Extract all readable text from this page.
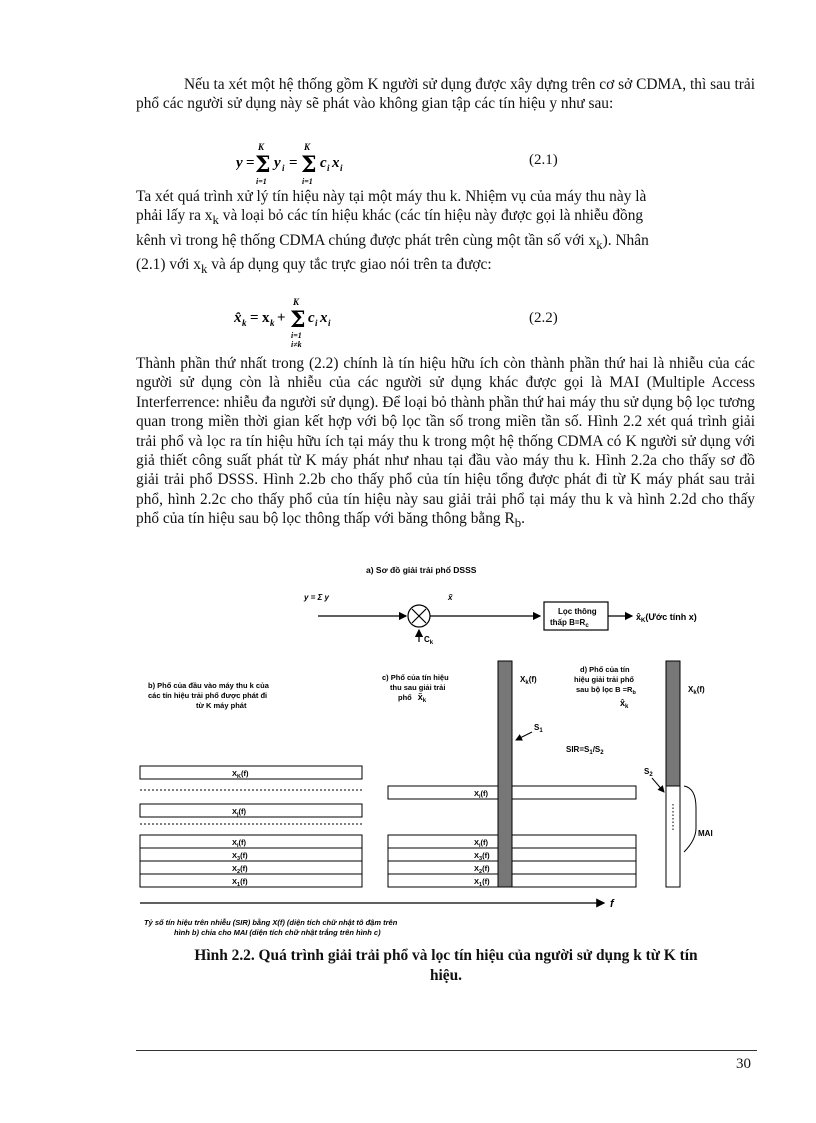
Nếu ta xét một hệ thống gồm K người sử dụng được xây dựng trên cơ sở CDMA, thì sau trải phổ các người sử dụng này sẽ phát vào không gian tập các tín hiệu y như sau:

y =
K
Σ
i=1
y i =
K
Σ
i=1
c i x i	(2.1)

Ta xét quá trình xử lý tín hiệu này tại một máy thu k. Nhiệm vụ của máy thu này là

phải lấy ra $x_k$ và loại bỏ các tín hiệu khác (các tín hiệu này được gọi là nhiễu đồng

kênh vì trong hệ thống CDMA chúng được phát trên cùng một tần số với $x_k$). Nhân

(2.1) với $x_k$ và áp dụng quy tắc trực giao nói trên ta được:

x̂ k = x k +
K
Σ
i=1
i≠k
c i x i	(2.2)

Thành phần thứ nhất trong (2.2) chính là tín hiệu hữu ích còn thành phần thứ hai là nhiễu của các người sử dụng còn là nhiễu của các người sử dụng khác được gọi là MAI (Multiple Access Interferrence: nhiễu đa người sử dụng). Để loại bỏ thành phần thứ hai máy thu sử dụng bộ lọc tương quan trong miền thời gian kết hợp với bộ lọc tần số trong miền tần số. Hình 2.2 xét quá trình giải trải phổ và lọc ra tín hiệu hữu ích tại máy thu k trong một hệ thống CDMA có K người sử dụng với giả thiết công suất phát từ K máy phát như nhau tại đầu vào máy thu k. Hình 2.2a cho thấy sơ đồ giải trải phổ DSSS. Hình 2.2b cho thấy phổ của tín hiệu tổng được phát đi từ K máy phát sau trải phổ, hình 2.2c cho thấy phổ của tín hiệu này sau giải trải phổ tại máy thu k và hình 2.2d cho thấy phổ của tín hiệu sau bộ lọc thông thấp với băng thông bằng $R_b$.

a) Sơ đồ giải trải phổ DSSS
y = Σ y
$C_k$
x̃
Lọc thông
thấp $B=R_c$
$x̂_K(Ước$ tính x)
b) Phổ của đầu vào máy thu k của
các tín hiệu trải phổ được phát đi
từ K máy phát
$X_K(f)$
$X_j(f)$
$X_i(f)$
$X_3(f)$
$X_2(f)$
$X_1(f)$
c) Phổ của tín hiệu
thu sau giải trải
phổ $x̃_k$
$X_i(f)$
$X_i(f)$
$X_3(f)$
$X_2(f)$
$X_1(f)$
$X_k(f)$
$S_1$
$SIR=S_1/S_2$
d) Phổ của tín
hiệu giải trải phổ
sau bộ lọc $B =R_b$
$x̂_k$
$X_k(f)$
$S_2$
MAI
f
Tỷ số tín hiệu trên nhiễu (SIR) bằng X(f) (diện tích chữ nhật tô đậm trên
hình b) chia cho MAI (diện tích chữ nhật trắng trên hình c)
Hình 2.2. Quá trình giải trải phổ và lọc tín hiệu của người sử dụng k từ K tín
hiệu.
30
